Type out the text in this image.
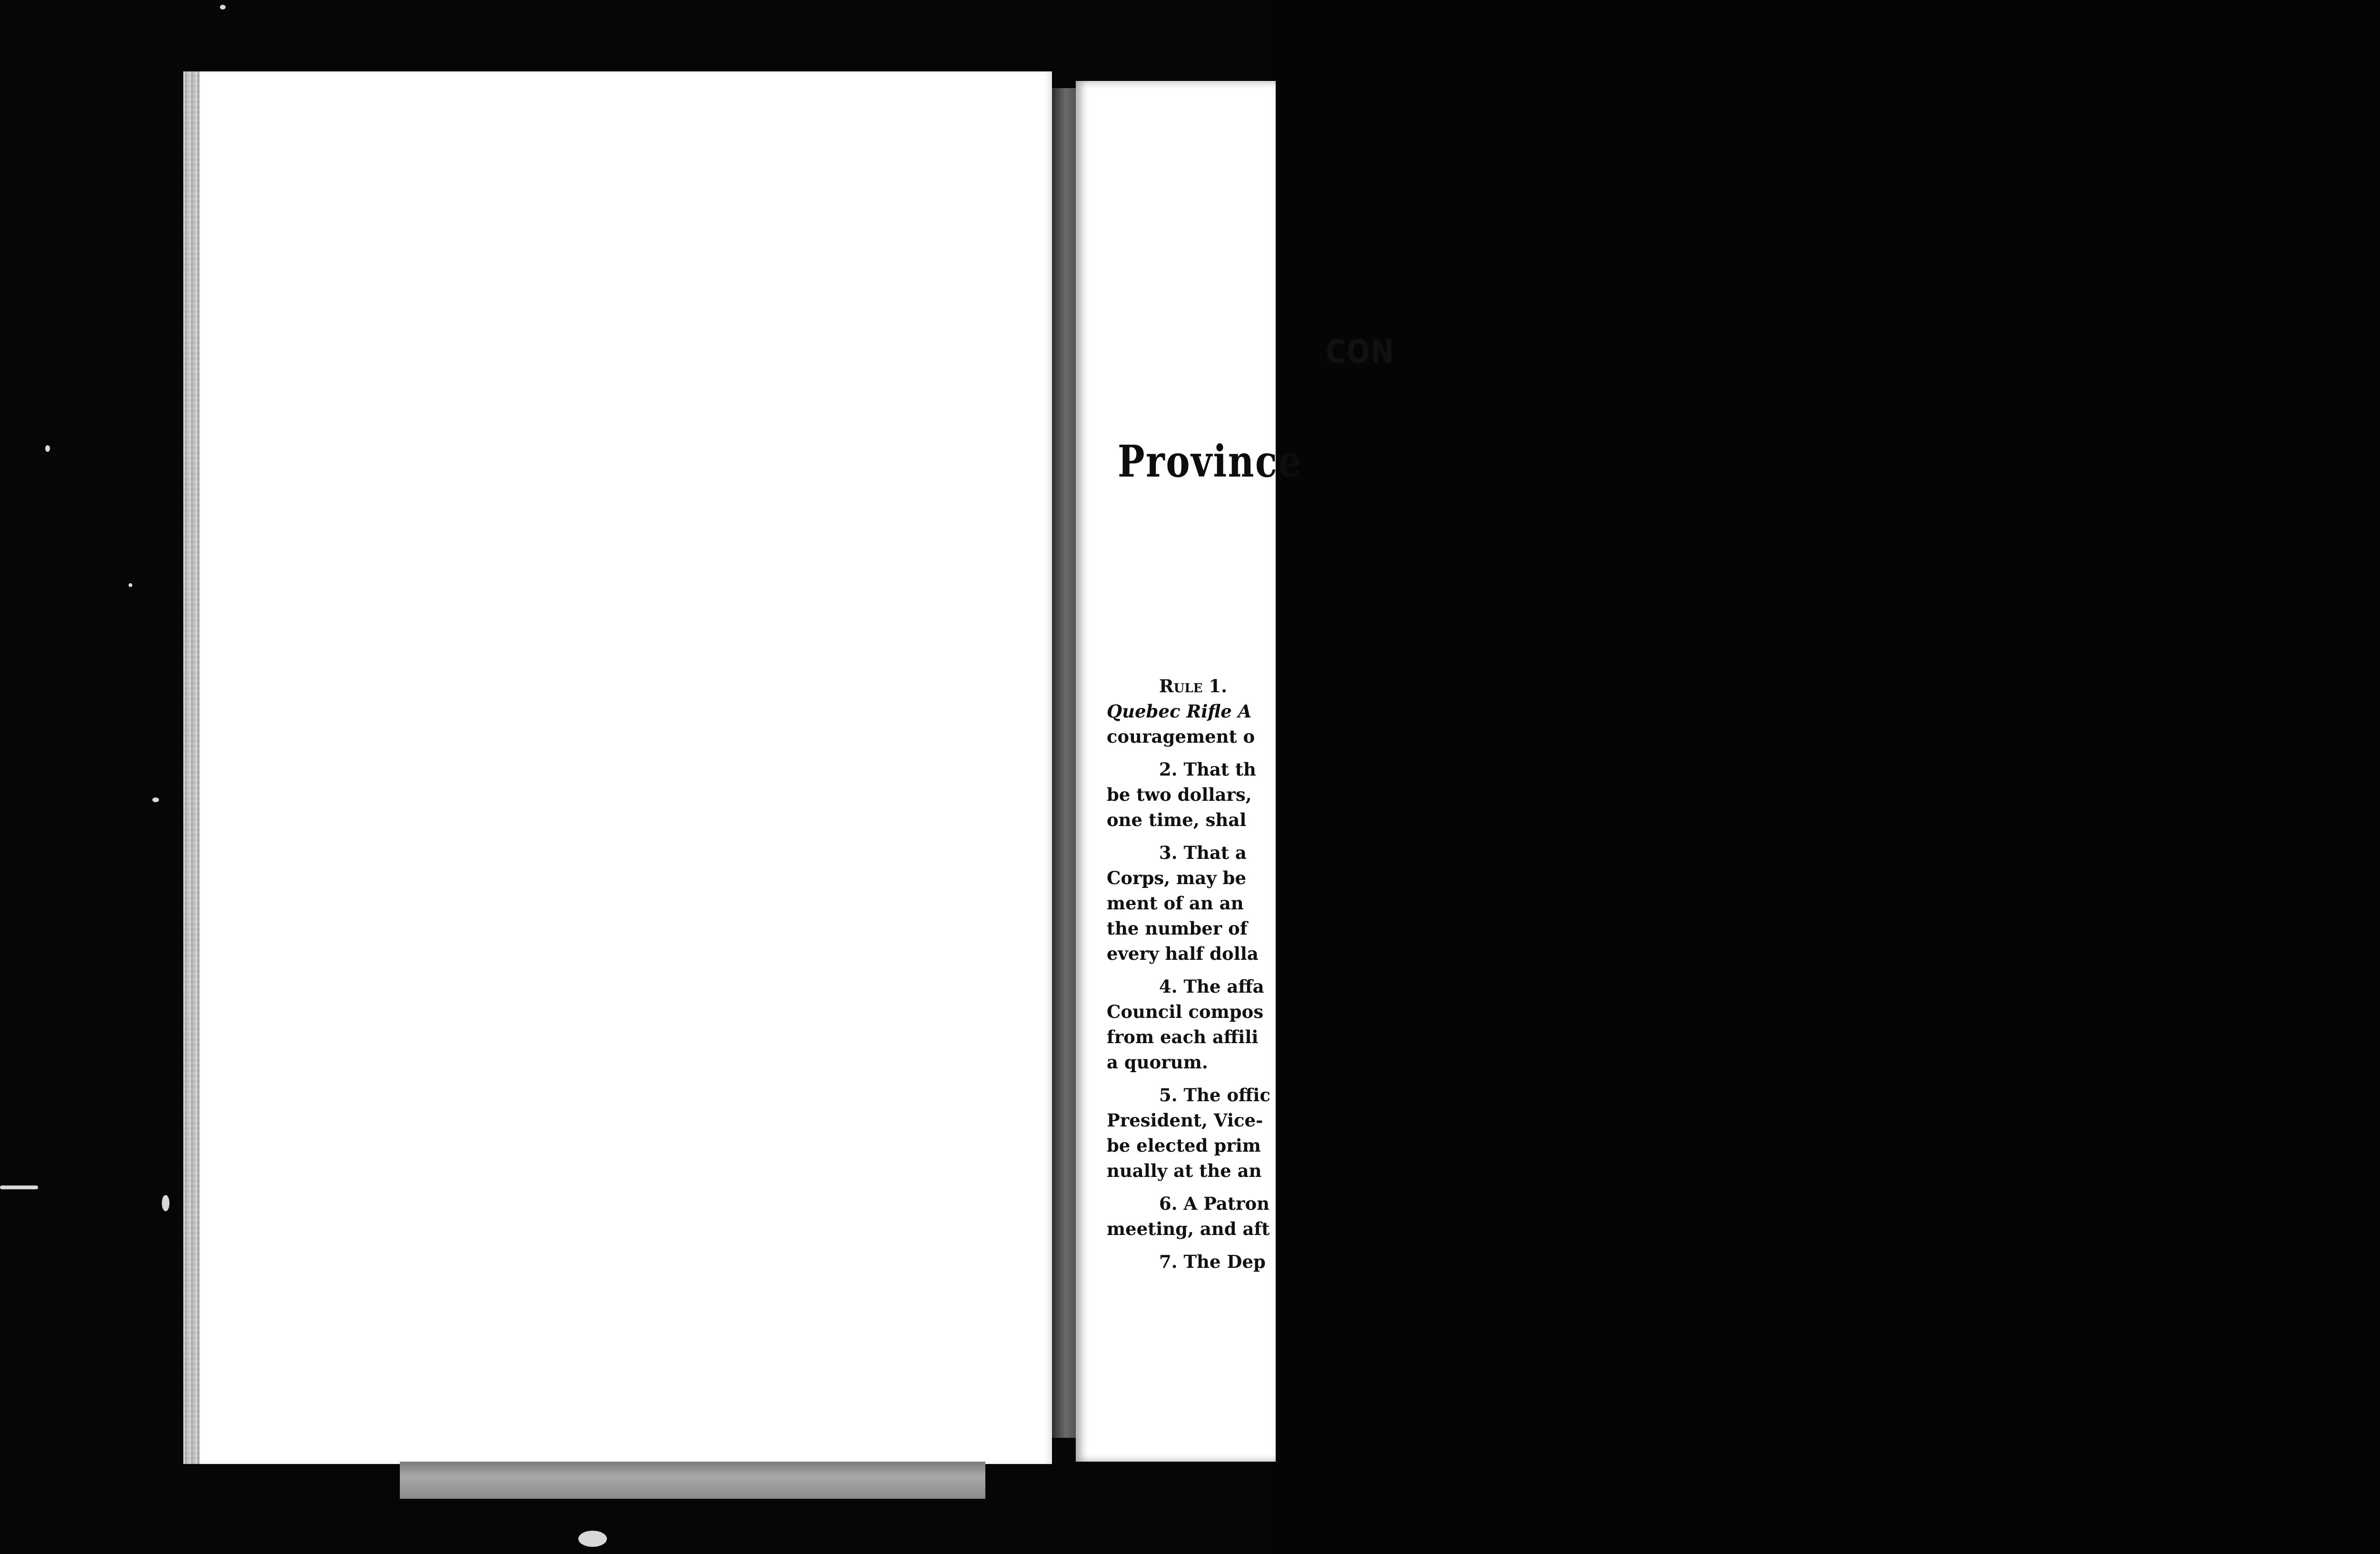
CON
Province
Rule 1.
Quebec Rifle A
couragement o
2. That th
be two dollars,
one time, shal
3. That a
Corps, may be
ment of an an
the number of
every half dolla
4. The affa
Council compos
from each affili
a quorum.
5. The offic
President, Vice-
be elected prim
nually at the an
6. A Patron
meeting, and aft
7. The Dep
